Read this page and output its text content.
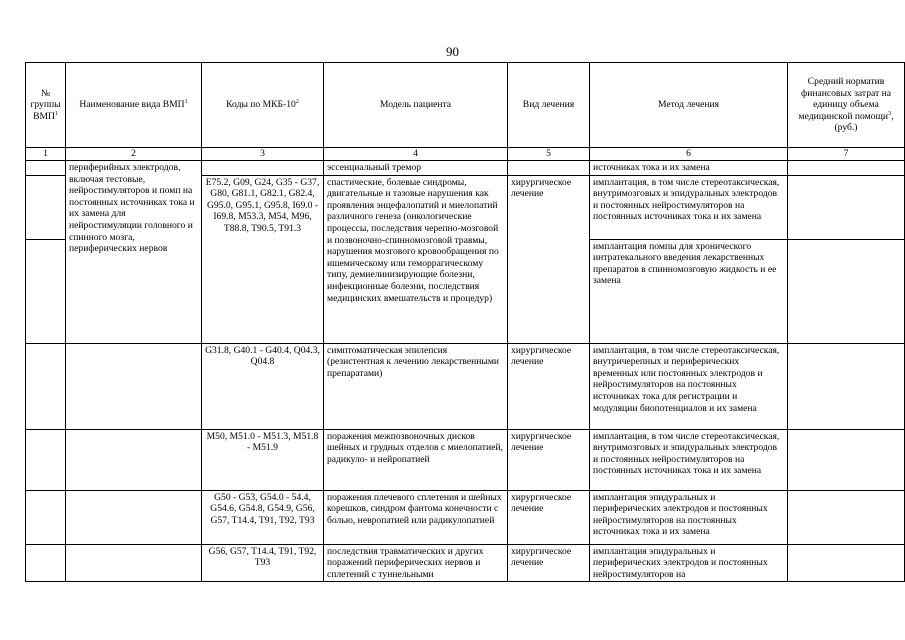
90
№ группы ВМП$^1$	Наименование вида ВМП$^1$	Коды по МКБ-$10^2$	Модель пациента	Вид лечения	Метод лечения	Средний норматив финансовых затрат на единицу объема медицинской помощи$^3$, (руб.)
1	2	3	4	5	6	7
	периферийных электродов, включая тестовые, нейростимуляторов и помп на постоянных источниках тока и их замена для нейростимуляции головного и спинного мозга, периферических нервов		эссенциальный тремор		источниках тока и их замена	
		E75.2, G09, G24, G35 - G37, G80, G81.1, G82.1, G82.4, G95.0, G95.1, G95.8, I69.0 - I69.8, M53.3, M54, M96, T88.8, T90.5, T91.3	спастические, болевые синдромы, двигательные и тазовые нарушения как проявления энцефалопатий и миелопатий различного генеза (онкологические процессы, последствия черепно-мозговой и позвоночно-спинномозговой травмы, нарушения мозгового кровообращения по ишемическому или геморрагическому типу, демиелинизирующие болезни, инфекционные болезни, последствия медицинских вмешательств и процедур)	хирургическое лечение	имплантация, в том числе стереотаксическая, внутримозговых и эпидуральных электродов и постоянных нейростимуляторов на постоянных источниках тока и их замена	
					имплантация помпы для хронического интратекального введения лекарственных препаратов в спинномозговую жидкость и ее замена	
		G31.8, G40.1 - G40.4, Q04.3, Q04.8	симптоматическая эпилепсия (резистентная к лечению лекарственными препаратами)	хирургическое лечение	имплантация, в том числе стереотаксическая, внутричерепных и периферических временных или постоянных электродов и нейростимуляторов на постоянных источниках тока для регистрации и модуляции биопотенциалов и их замена	
		M50, M51.0 - M51.3, M51.8 - M51.9	поражения межпозвоночных дисков шейных и грудных отделов с миелопатией, радикуло- и нейропатией	хирургическое лечение	имплантация, в том числе стереотаксическая, внутримозговых и эпидуральных электродов и постоянных нейростимуляторов на постоянных источниках тока и их замена	
		G50 - G53, G54.0 - 54.4, G54.6, G54.8, G54.9, G56, G57, T14.4, T91, T92, T93	поражения плечевого сплетения и шейных корешков, синдром фантома конечности с болью, невропатией или радикулопатией	хирургическое лечение	имплантация эпидуральных и периферических электродов и постоянных нейростимуляторов на постоянных источниках тока и их замена	
		G56, G57, T14.4, T91, T92, T93	последствия травматических и других поражений периферических нервов и сплетений с туннельными	хирургическое лечение	имплантация эпидуральных и периферических электродов и постоянных нейростимуляторов на	
